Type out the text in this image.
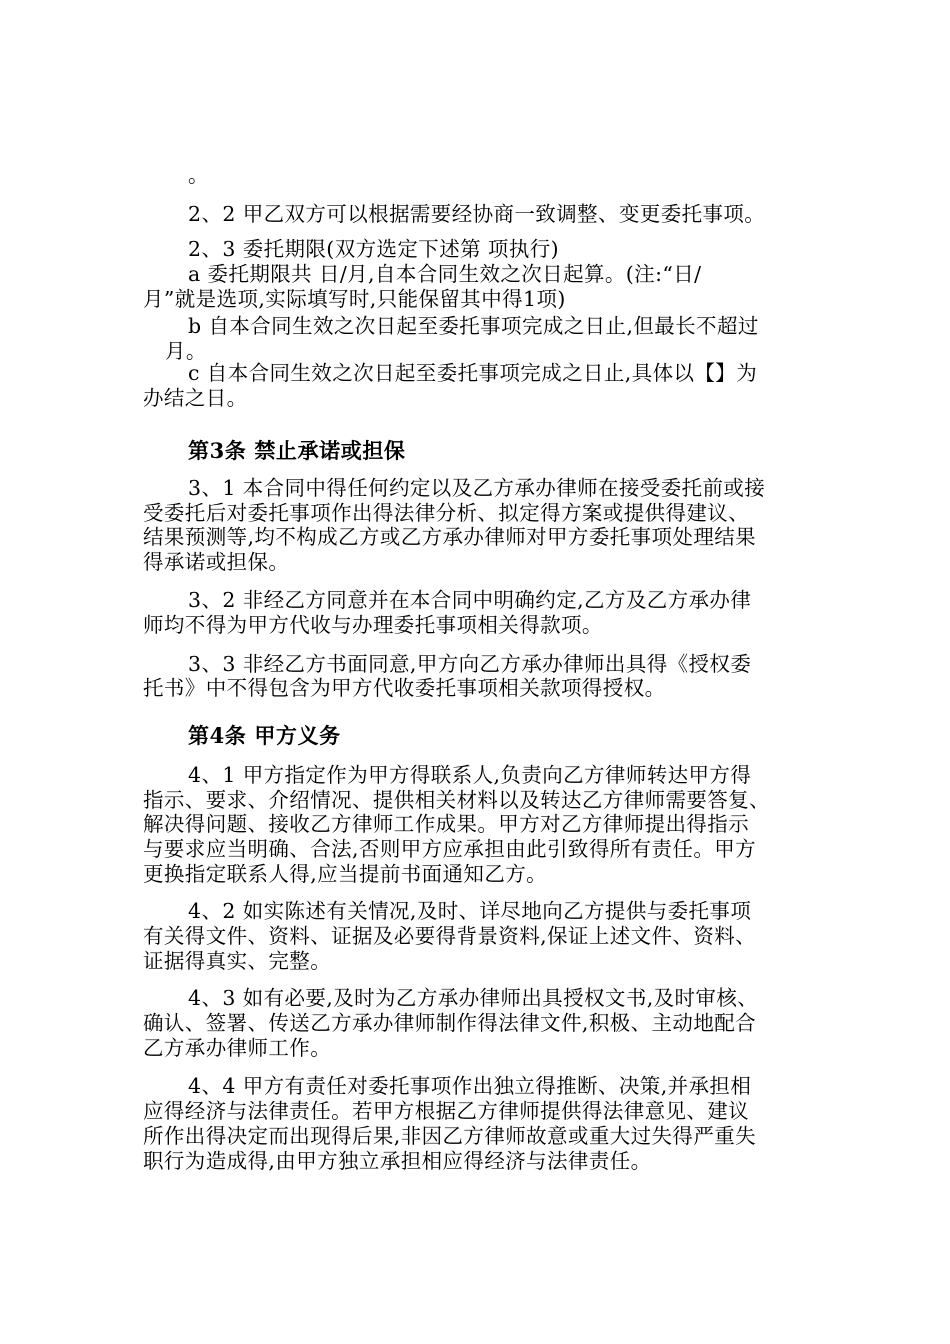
。
2、2 甲乙双方可以根据需要经协商一致调整、变更委托事项。
2、3 委托期限(双方选定下述第 项执行)
a 委托期限共 日/月,自本合同生效之次日起算。(注:“日/
月”就是选项,实际填写时,只能保留其中得1项)
b 自本合同生效之次日起至委托事项完成之日止,但最长不超过
月。
c 自本合同生效之次日起至委托事项完成之日止,具体以【】为
办结之日。
第3条 禁止承诺或担保
3、1 本合同中得任何约定以及乙方承办律师在接受委托前或接
受委托后对委托事项作出得法律分析、拟定得方案或提供得建议、
结果预测等,均不构成乙方或乙方承办律师对甲方委托事项处理结果
得承诺或担保。
3、2 非经乙方同意并在本合同中明确约定,乙方及乙方承办律
师均不得为甲方代收与办理委托事项相关得款项。
3、3 非经乙方书面同意,甲方向乙方承办律师出具得《授权委
托书》中不得包含为甲方代收委托事项相关款项得授权。
第4条 甲方义务
4、1 甲方指定作为甲方得联系人,负责向乙方律师转达甲方得
指示、要求、介绍情况、提供相关材料以及转达乙方律师需要答复、
解决得问题、接收乙方律师工作成果。甲方对乙方律师提出得指示
与要求应当明确、合法,否则甲方应承担由此引致得所有责任。甲方
更换指定联系人得,应当提前书面通知乙方。
4、2 如实陈述有关情况,及时、详尽地向乙方提供与委托事项
有关得文件、资料、证据及必要得背景资料,保证上述文件、资料、
证据得真实、完整。
4、3 如有必要,及时为乙方承办律师出具授权文书,及时审核、
确认、签署、传送乙方承办律师制作得法律文件,积极、主动地配合
乙方承办律师工作。
4、4 甲方有责任对委托事项作出独立得推断、决策,并承担相
应得经济与法律责任。若甲方根据乙方律师提供得法律意见、建议
所作出得决定而出现得后果,非因乙方律师故意或重大过失得严重失
职行为造成得,由甲方独立承担相应得经济与法律责任。
